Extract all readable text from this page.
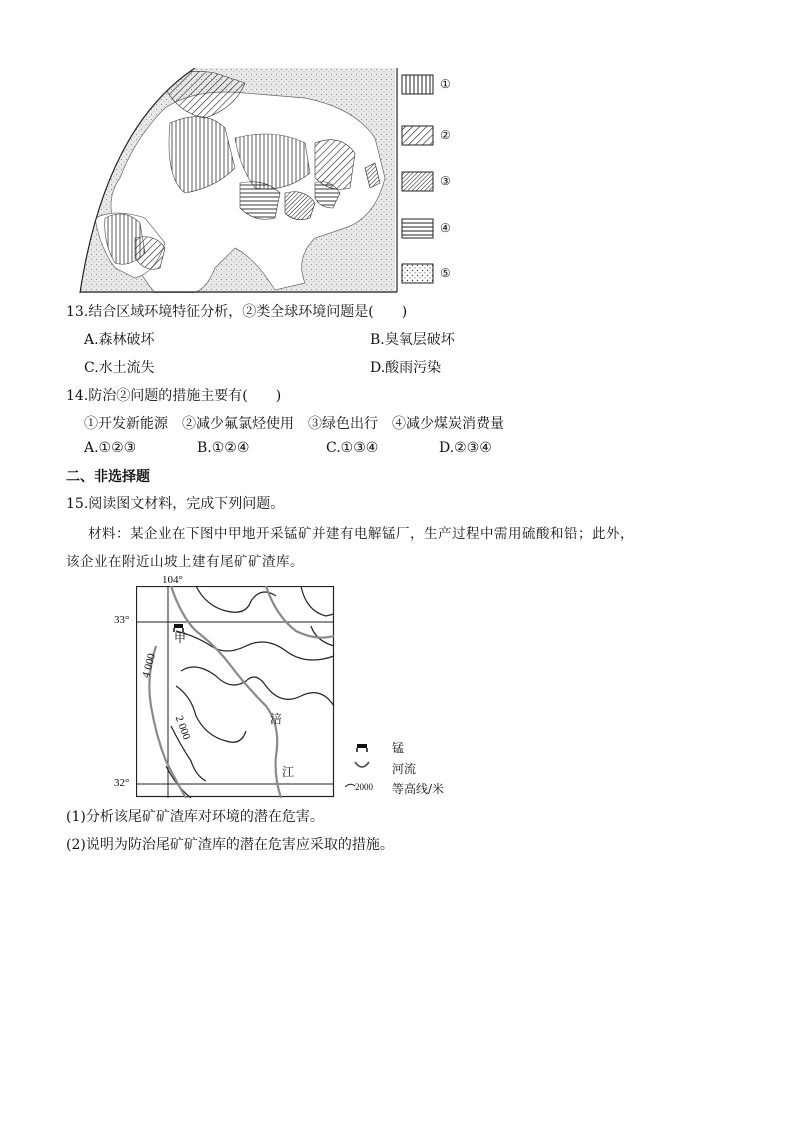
①
②
③
④
⑤
13.结合区域环境特征分析，②类全球环境问题是(　　)
A.森林破坏	B.臭氧层破坏
C.水土流失	D.酸雨污染
14.防治②问题的措施主要有(　　)
①开发新能源　②减少氟氯烃使用　③绿色出行　④减少煤炭消费量
A.①②③	B.①②④	C.①③④	D.②③④
二、非选择题
15.阅读图文材料，完成下列问题。
材料：某企业在下图中甲地开采锰矿并建有电解锰厂，生产过程中需用硫酸和铅；此外，
该企业在附近山坡上建有尾矿矿渣库。
104°
33°
32°
甲
4 000
2 000	涪
江
锰
河流
2000 等高线/米
(1)分析该尾矿矿渣库对环境的潜在危害。
(2)说明为防治尾矿矿渣库的潜在危害应采取的措施。
